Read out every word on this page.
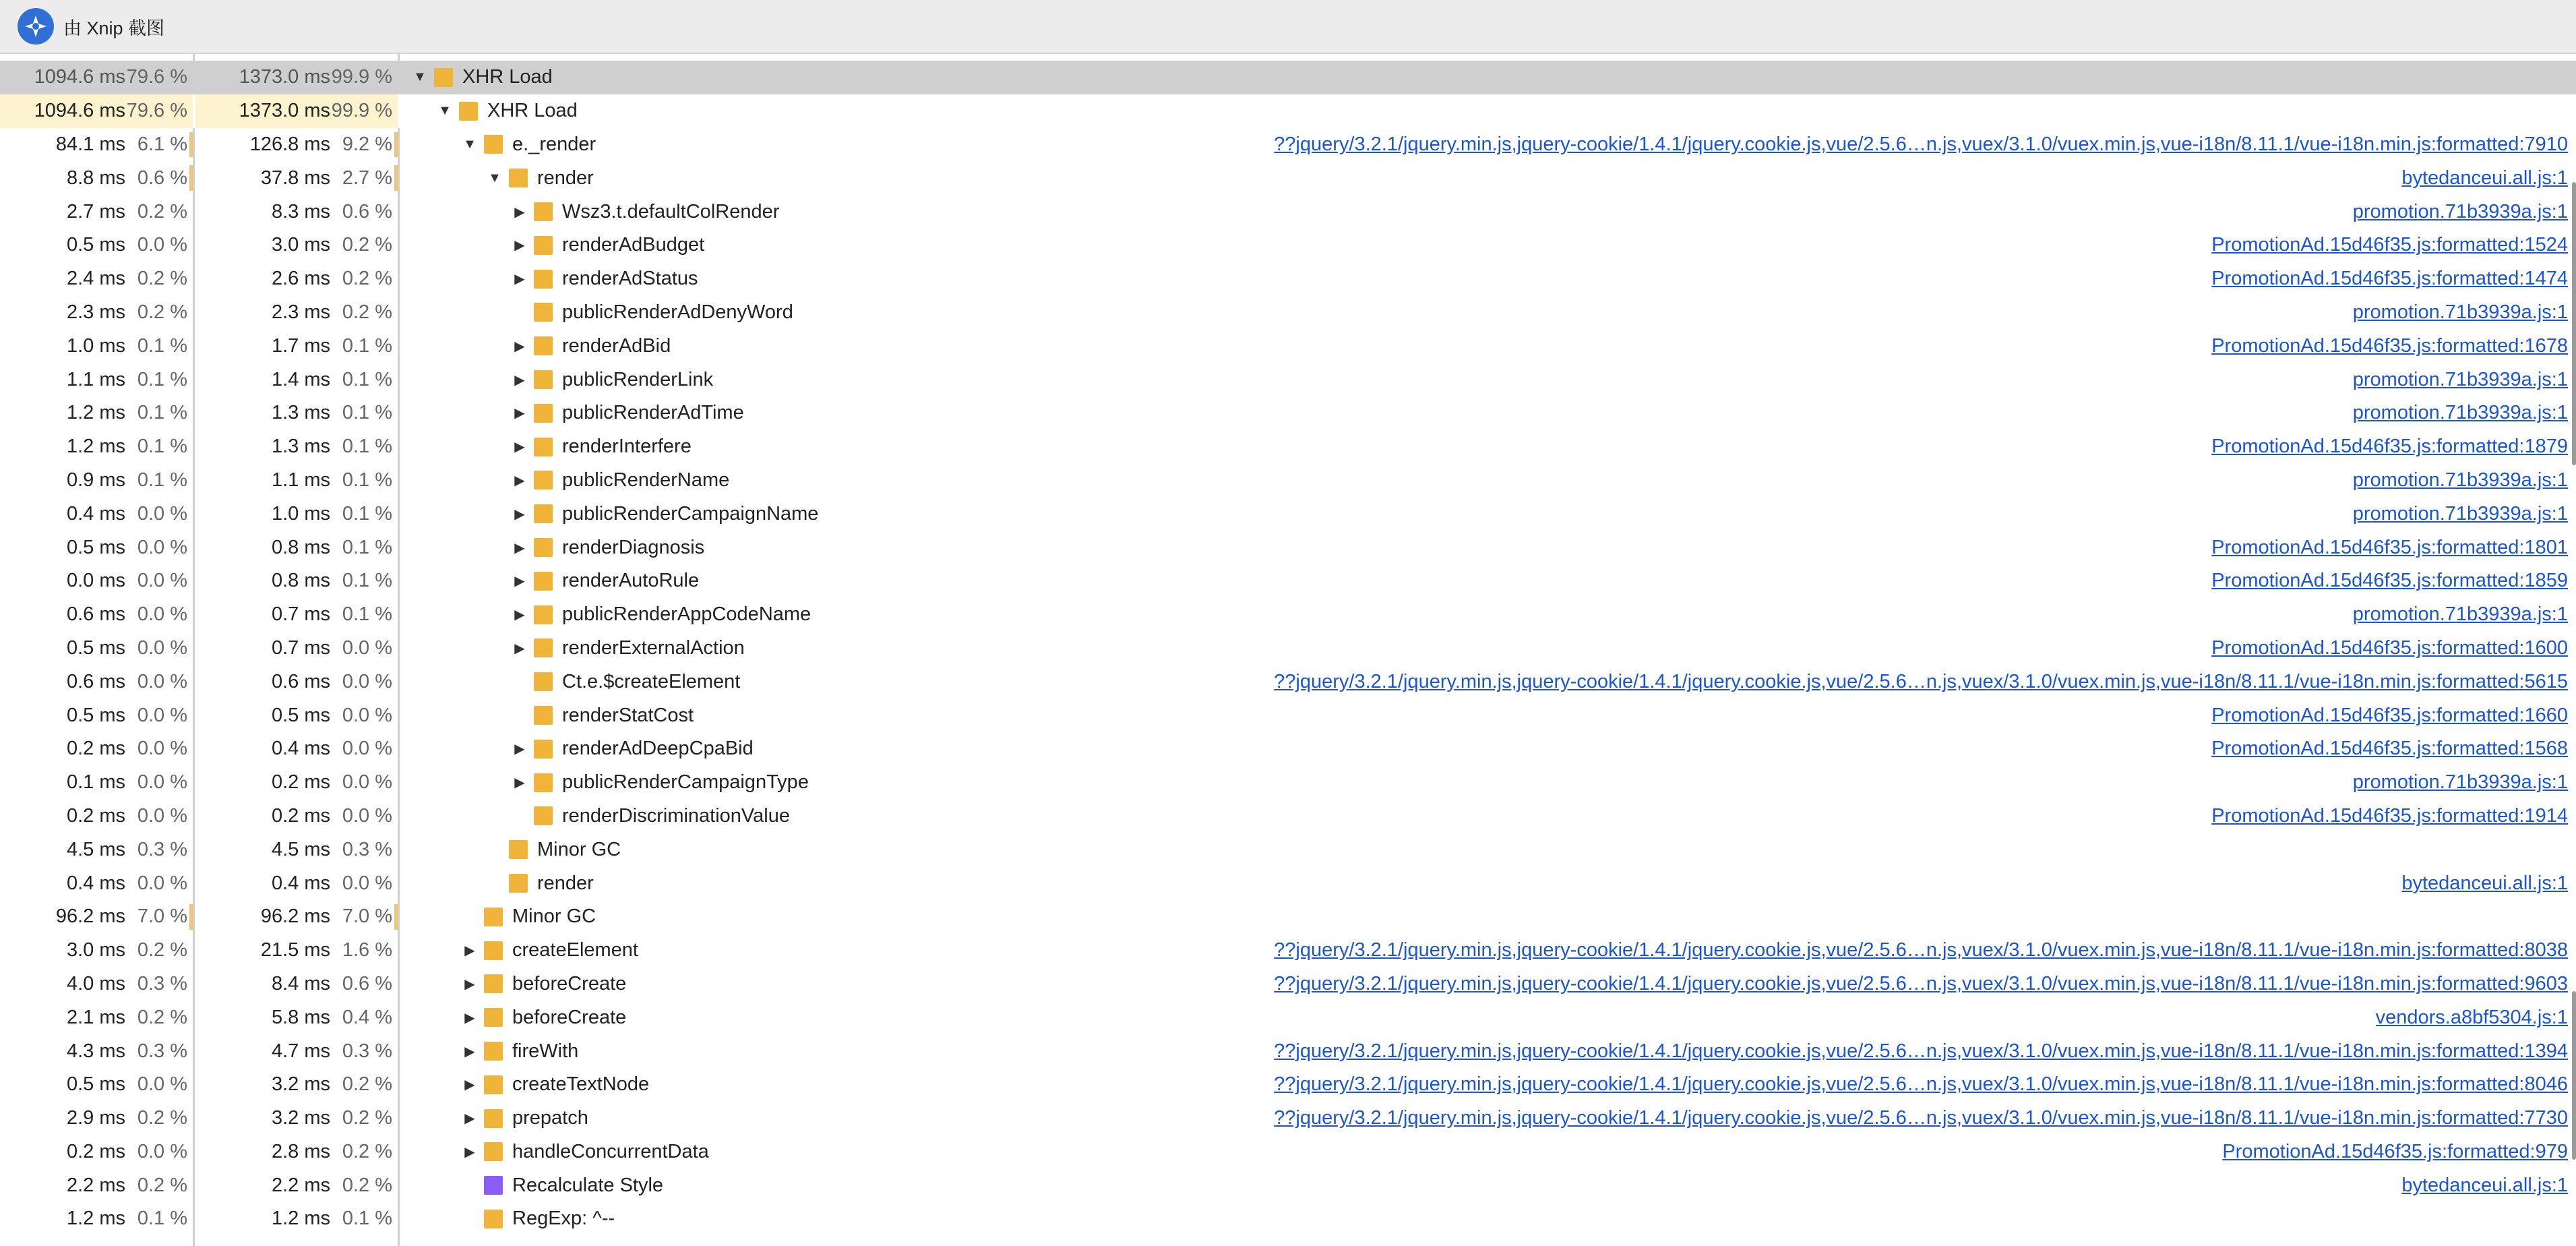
由 Xnip 截图
1094.6 ms 79.6 %	1373.0 ms 99.9 %	▼ XHR Load
1094.6 ms 79.6 %	1373.0 ms 99.9 %	▼ XHR Load
84.1 ms 6.1 %	126.8 ms 9.2 %	▼ e._render	??jquery/3.2.1/jquery.min.js,jquery-cookie/1.4.1/jquery.cookie.js,vue/2.5.6…n.js,vuex/3.1.0/vuex.min.js,vue-i18n/8.11.1/vue-i18n.min.js:formatted:7910
8.8 ms 0.6 %	37.8 ms 2.7 %	▼ render	bytedanceui.all.js:1
2.7 ms 0.2 %	8.3 ms 0.6 %	▶ Wsz3.t.defaultColRender	promotion.71b3939a.js:1
0.5 ms 0.0 %	3.0 ms 0.2 %	▶ renderAdBudget	PromotionAd.15d46f35.js:formatted:1524
2.4 ms 0.2 %	2.6 ms 0.2 %	▶ renderAdStatus	PromotionAd.15d46f35.js:formatted:1474
2.3 ms 0.2 %	2.3 ms 0.2 %	publicRenderAdDenyWord	promotion.71b3939a.js:1
1.0 ms 0.1 %	1.7 ms 0.1 %	▶ renderAdBid	PromotionAd.15d46f35.js:formatted:1678
1.1 ms 0.1 %	1.4 ms 0.1 %	▶ publicRenderLink	promotion.71b3939a.js:1
1.2 ms 0.1 %	1.3 ms 0.1 %	▶ publicRenderAdTime	promotion.71b3939a.js:1
1.2 ms 0.1 %	1.3 ms 0.1 %	▶ renderInterfere	PromotionAd.15d46f35.js:formatted:1879
0.9 ms 0.1 %	1.1 ms 0.1 %	▶ publicRenderName	promotion.71b3939a.js:1
0.4 ms 0.0 %	1.0 ms 0.1 %	▶ publicRenderCampaignName	promotion.71b3939a.js:1
0.5 ms 0.0 %	0.8 ms 0.1 %	▶ renderDiagnosis	PromotionAd.15d46f35.js:formatted:1801
0.0 ms 0.0 %	0.8 ms 0.1 %	▶ renderAutoRule	PromotionAd.15d46f35.js:formatted:1859
0.6 ms 0.0 %	0.7 ms 0.1 %	▶ publicRenderAppCodeName	promotion.71b3939a.js:1
0.5 ms 0.0 %	0.7 ms 0.0 %	▶ renderExternalAction	PromotionAd.15d46f35.js:formatted:1600
0.6 ms 0.0 %	0.6 ms 0.0 %	Ct.e.$createElement	??jquery/3.2.1/jquery.min.js,jquery-cookie/1.4.1/jquery.cookie.js,vue/2.5.6…n.js,vuex/3.1.0/vuex.min.js,vue-i18n/8.11.1/vue-i18n.min.js:formatted:5615
0.5 ms 0.0 %	0.5 ms 0.0 %	renderStatCost	PromotionAd.15d46f35.js:formatted:1660
0.2 ms 0.0 %	0.4 ms 0.0 %	▶ renderAdDeepCpaBid	PromotionAd.15d46f35.js:formatted:1568
0.1 ms 0.0 %	0.2 ms 0.0 %	▶ publicRenderCampaignType	promotion.71b3939a.js:1
0.2 ms 0.0 %	0.2 ms 0.0 %	renderDiscriminationValue	PromotionAd.15d46f35.js:formatted:1914
4.5 ms 0.3 %	4.5 ms 0.3 %	Minor GC
0.4 ms 0.0 %	0.4 ms 0.0 %	render	bytedanceui.all.js:1
96.2 ms 7.0 %	96.2 ms 7.0 %	Minor GC
3.0 ms 0.2 %	21.5 ms 1.6 %	▶ createElement	??jquery/3.2.1/jquery.min.js,jquery-cookie/1.4.1/jquery.cookie.js,vue/2.5.6…n.js,vuex/3.1.0/vuex.min.js,vue-i18n/8.11.1/vue-i18n.min.js:formatted:8038
4.0 ms 0.3 %	8.4 ms 0.6 %	▶ beforeCreate	??jquery/3.2.1/jquery.min.js,jquery-cookie/1.4.1/jquery.cookie.js,vue/2.5.6…n.js,vuex/3.1.0/vuex.min.js,vue-i18n/8.11.1/vue-i18n.min.js:formatted:9603
2.1 ms 0.2 %	5.8 ms 0.4 %	▶ beforeCreate	vendors.a8bf5304.js:1
4.3 ms 0.3 %	4.7 ms 0.3 %	▶ fireWith	??jquery/3.2.1/jquery.min.js,jquery-cookie/1.4.1/jquery.cookie.js,vue/2.5.6…n.js,vuex/3.1.0/vuex.min.js,vue-i18n/8.11.1/vue-i18n.min.js:formatted:1394
0.5 ms 0.0 %	3.2 ms 0.2 %	▶ createTextNode	??jquery/3.2.1/jquery.min.js,jquery-cookie/1.4.1/jquery.cookie.js,vue/2.5.6…n.js,vuex/3.1.0/vuex.min.js,vue-i18n/8.11.1/vue-i18n.min.js:formatted:8046
2.9 ms 0.2 %	3.2 ms 0.2 %	▶ prepatch	??jquery/3.2.1/jquery.min.js,jquery-cookie/1.4.1/jquery.cookie.js,vue/2.5.6…n.js,vuex/3.1.0/vuex.min.js,vue-i18n/8.11.1/vue-i18n.min.js:formatted:7730
0.2 ms 0.0 %	2.8 ms 0.2 %	▶ handleConcurrentData	PromotionAd.15d46f35.js:formatted:979
2.2 ms 0.2 %	2.2 ms 0.2 %	Recalculate Style	bytedanceui.all.js:1
1.2 ms 0.1 %	1.2 ms 0.1 %	RegExp: ^--
